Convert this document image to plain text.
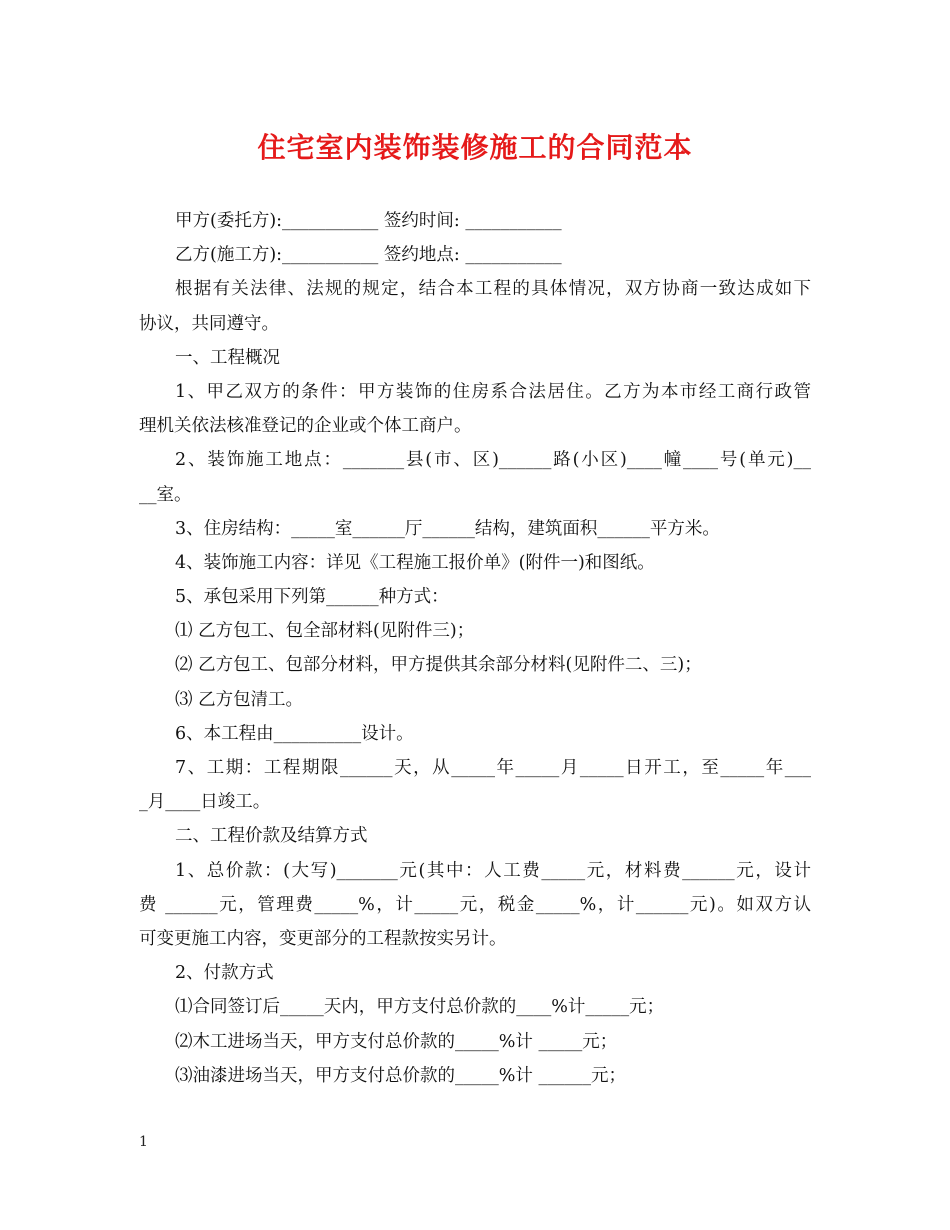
住宅室内装饰装修施工的合同范本
甲方(委托方):___________ 签约时间: ___________
乙方(施工方):___________ 签约地点: ___________
根据有关法律、法规的规定，结合本工程的具体情况，双方协商一致达成如下
协议，共同遵守。
一、工程概况
1、甲乙双方的条件：甲方装饰的住房系合法居住。乙方为本市经工商行政管
理机关依法核准登记的企业或个体工商户。
2、装饰施工地点：_______县(市、区)______路(小区)____幢____号(单元)__
__室。
3、住房结构：_____室______厅______结构，建筑面积______平方米。
4、装饰施工内容：详见《工程施工报价单》(附件一)和图纸。
5、承包采用下列第______种方式：
⑴ 乙方包工、包全部材料(见附件三)；
⑵ 乙方包工、包部分材料，甲方提供其余部分材料(见附件二、三)；
⑶ 乙方包清工。
6、本工程由__________设计。
7、工期：工程期限______天，从_____年_____月_____日开工，至_____年___
_月____日竣工。
二、工程价款及结算方式
1、总价款：(大写)_______元(其中：人工费_____元，材料费______元，设计
费 ______元，管理费_____%，计_____元，税金_____%，计______元)。如双方认
可变更施工内容，变更部分的工程款按实另计。
2、付款方式
⑴合同签订后_____天内，甲方支付总价款的____%计_____元；
⑵木工进场当天，甲方支付总价款的_____%计 _____元；
⑶油漆进场当天，甲方支付总价款的_____%计 ______元；
1
